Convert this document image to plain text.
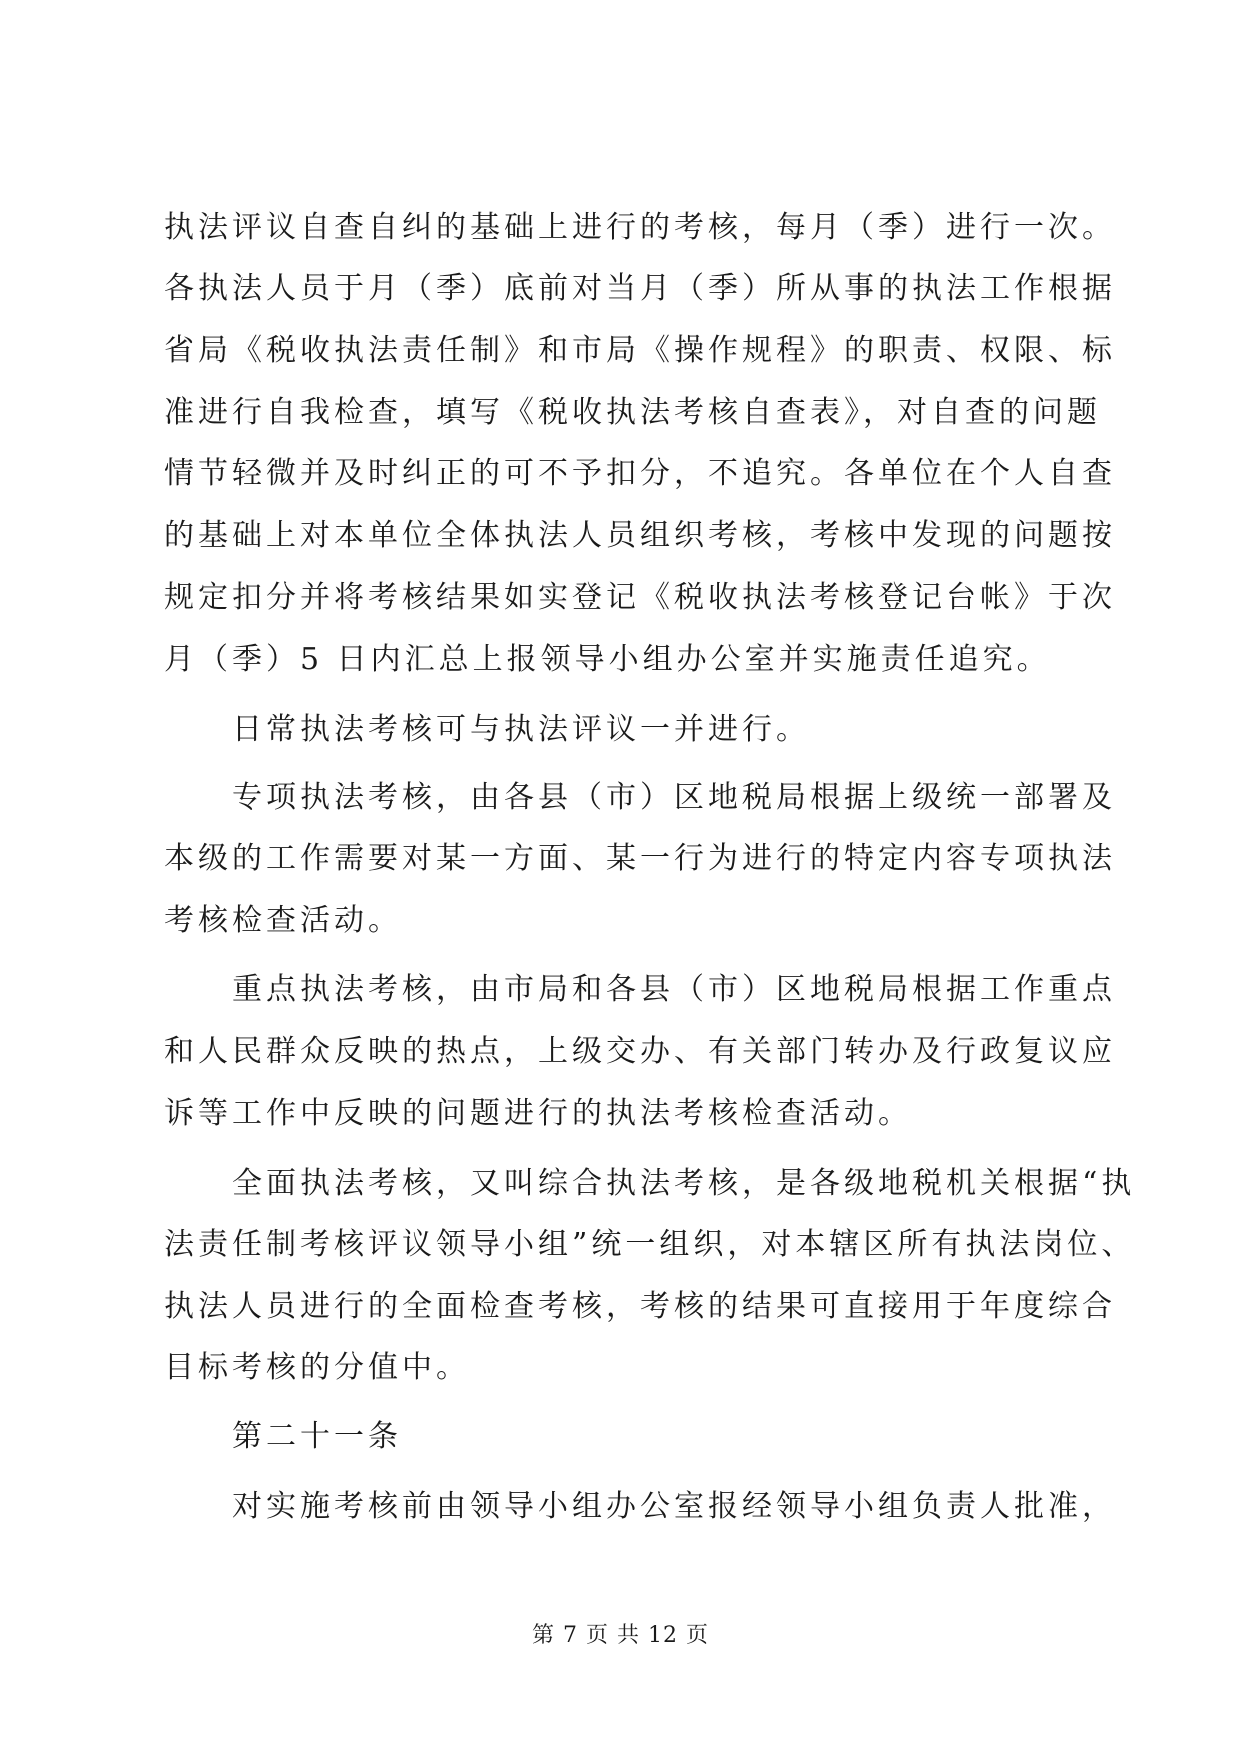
执法评议自查自纠的基础上进行的考核，每月（季）进行一次。
各执法人员于月（季）底前对当月（季）所从事的执法工作根据
省局《税收执法责任制》和市局《操作规程》的职责、权限、标
准进行自我检查，填写《税收执法考核自查表》，对自查的问题
情节轻微并及时纠正的可不予扣分，不追究。各单位在个人自查
的基础上对本单位全体执法人员组织考核，考核中发现的问题按
规定扣分并将考核结果如实登记《税收执法考核登记台帐》于次
月（季）5 日内汇总上报领导小组办公室并实施责任追究。
日常执法考核可与执法评议一并进行。
专项执法考核，由各县（市）区地税局根据上级统一部署及
本级的工作需要对某一方面、某一行为进行的特定内容专项执法
考核检查活动。
重点执法考核，由市局和各县（市）区地税局根据工作重点
和人民群众反映的热点，上级交办、有关部门转办及行政复议应
诉等工作中反映的问题进行的执法考核检查活动。
全面执法考核，又叫综合执法考核，是各级地税机关根据“执
法责任制考核评议领导小组”统一组织，对本辖区所有执法岗位、
执法人员进行的全面检查考核，考核的结果可直接用于年度综合
目标考核的分值中。
第二十一条
对实施考核前由领导小组办公室报经领导小组负责人批准，
第 7 页 共 12 页
